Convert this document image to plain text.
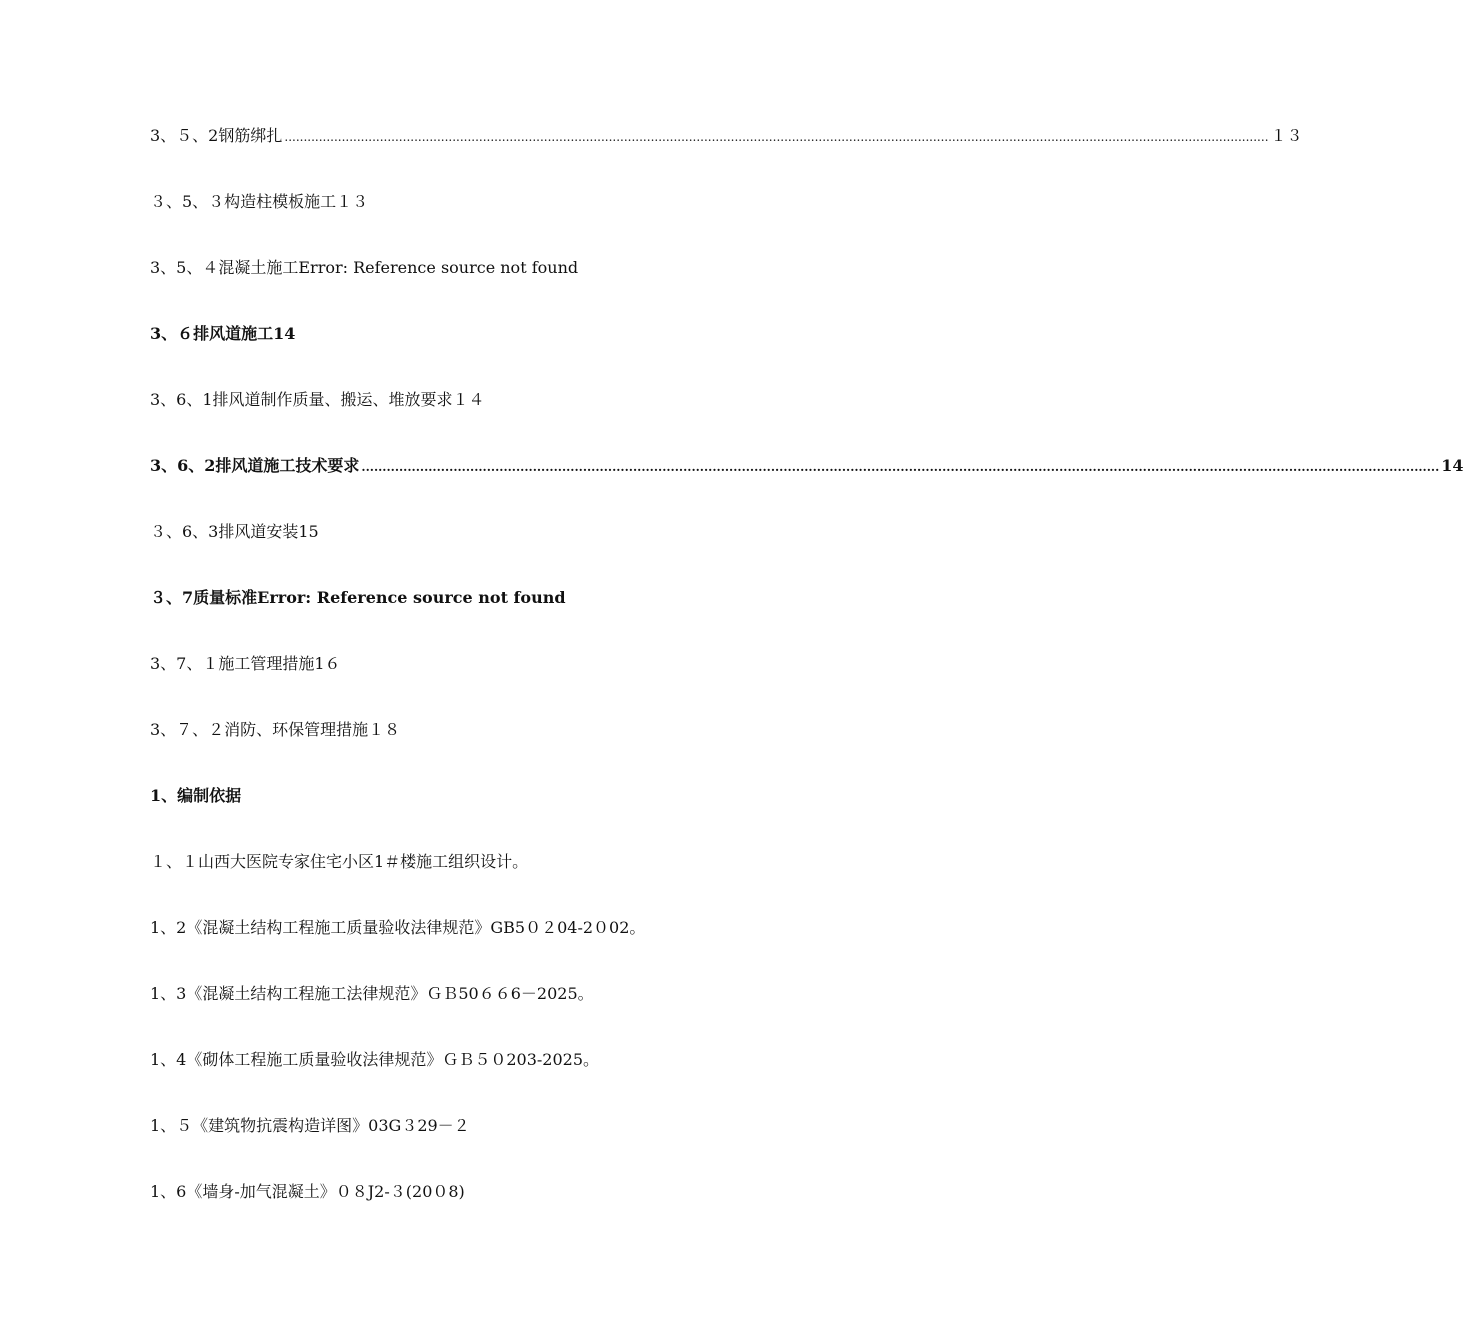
3、５、2钢筋绑扎 .................................................................................................................................................................................................................................................................. １３
３、5、３构造柱模板施工１３
3、5、４混凝土施工Error: Reference source not found
3、６排风道施工14
3、6、1排风道制作质量、搬运、堆放要求１４
3、6、2排风道施工技术要求 .................................................................................................................................................................................................................................................................. 14
３、6、3排风道安装15
３、7质量标准Error: Reference source not found
3、7、１施工管理措施1６
3、７、２消防、环保管理措施１８
1、编制依据
１、１山西大医院专家住宅小区1＃楼施工组织设计。
1、2《混凝土结构工程施工质量验收法律规范》GB5０２04-2０02。
1、3《混凝土结构工程施工法律规范》ＧＢ50６６6－2025。
1、4《砌体工程施工质量验收法律规范》ＧＢ５０203-2025。
1、５《建筑物抗震构造详图》03G３29－２
1、6《墙身-加气混凝土》０８J2-３(20０8)
